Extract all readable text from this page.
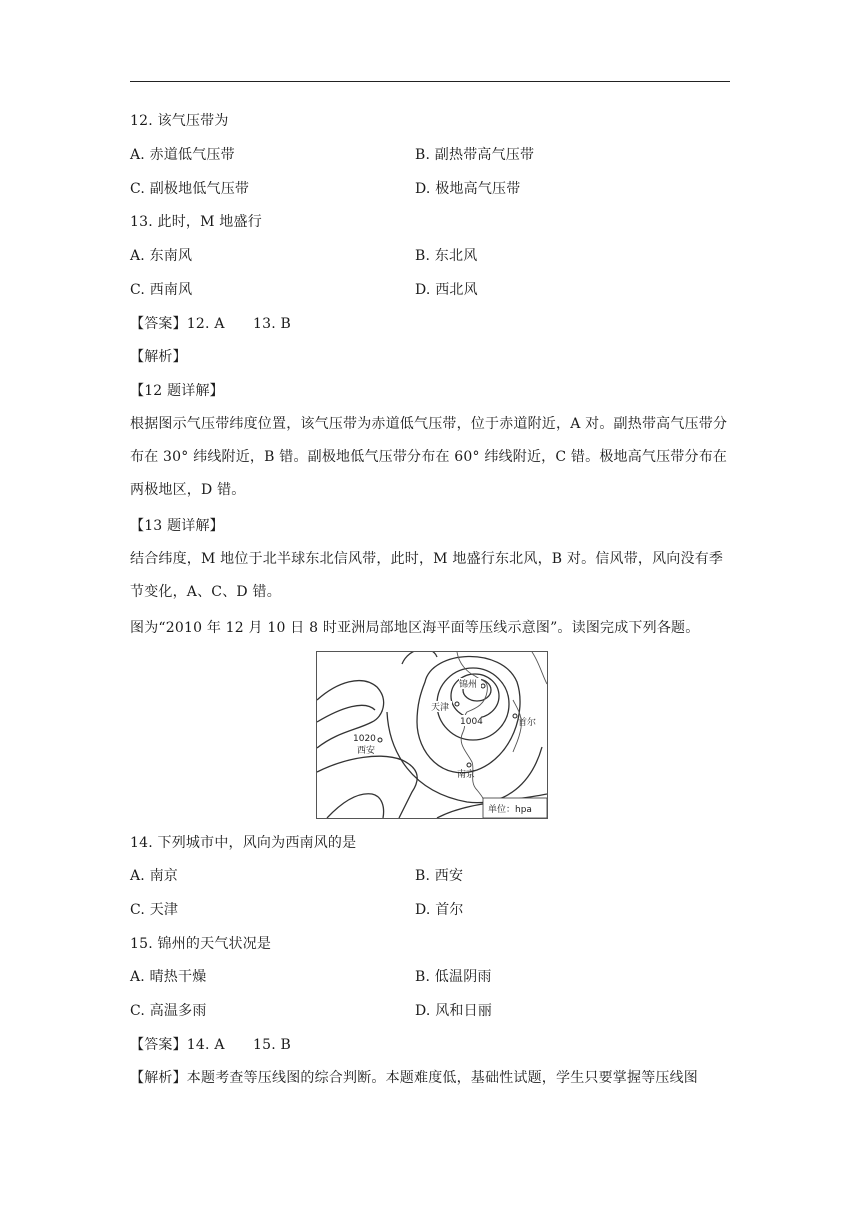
12. 该气压带为
A. 赤道低气压带	B. 副热带高气压带
C. 副极地低气压带	D. 极地高气压带
13. 此时，M 地盛行
A. 东南风	B. 东北风
C. 西南风	D. 西北风
【答案】12. A　　13. B
【解析】
【12 题详解】
根据图示气压带纬度位置，该气压带为赤道低气压带，位于赤道附近，A 对。副热带高气压带分布在 30° 纬线附近，B 错。副极地低气压带分布在 60° 纬线附近，C 错。极地高气压带分布在两极地区，D 错。
【13 题详解】
结合纬度，M 地位于北半球东北信风带，此时，M 地盛行东北风，B 对。信风带，风向没有季节变化，A、C、D 错。
图为“2010 年 12 月 10 日 8 时亚洲局部地区海平面等压线示意图”。读图完成下列各题。
锦州
天津
首尔
西安
南京
1020
1004
单位：hpa
14. 下列城市中，风向为西南风的是
A. 南京	B. 西安
C. 天津	D. 首尔
15. 锦州的天气状况是
A. 晴热干燥	B. 低温阴雨
C. 高温多雨	D. 风和日丽
【答案】14. A　　15. B
【解析】本题考查等压线图的综合判断。本题难度低，基础性试题，学生只要掌握等压线图
